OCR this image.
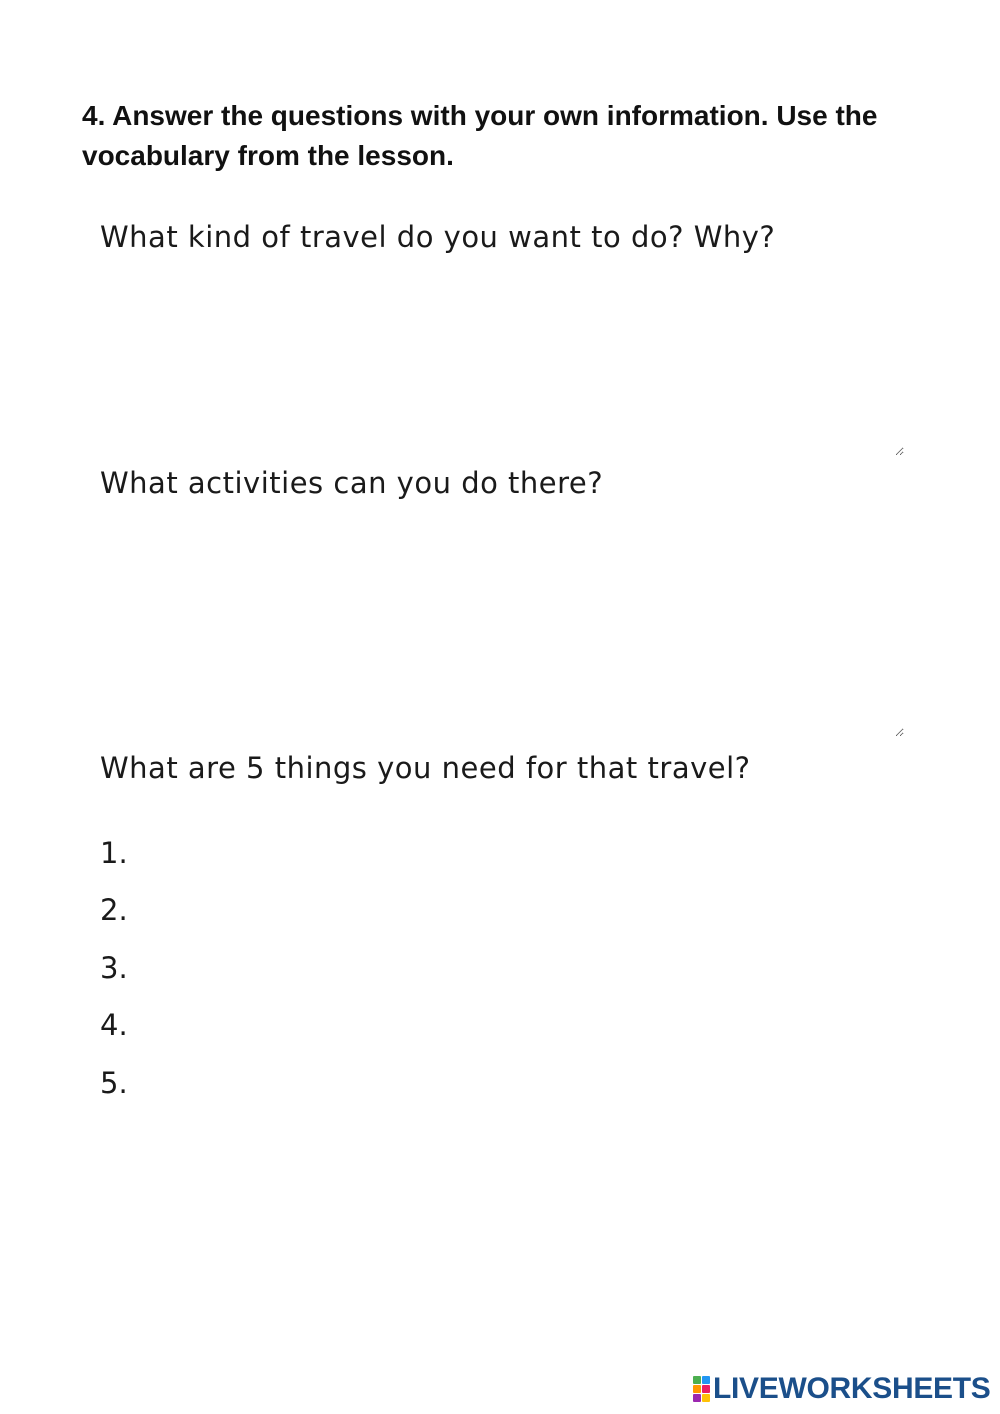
4. Answer the questions with your own information. Use the vocabulary from the lesson.

What kind of travel do you want to do? Why?

What activities can you do there?

What are 5 things you need for that travel?

1.

2.

3.

4.

5.

LIVEWORKSHEETS
